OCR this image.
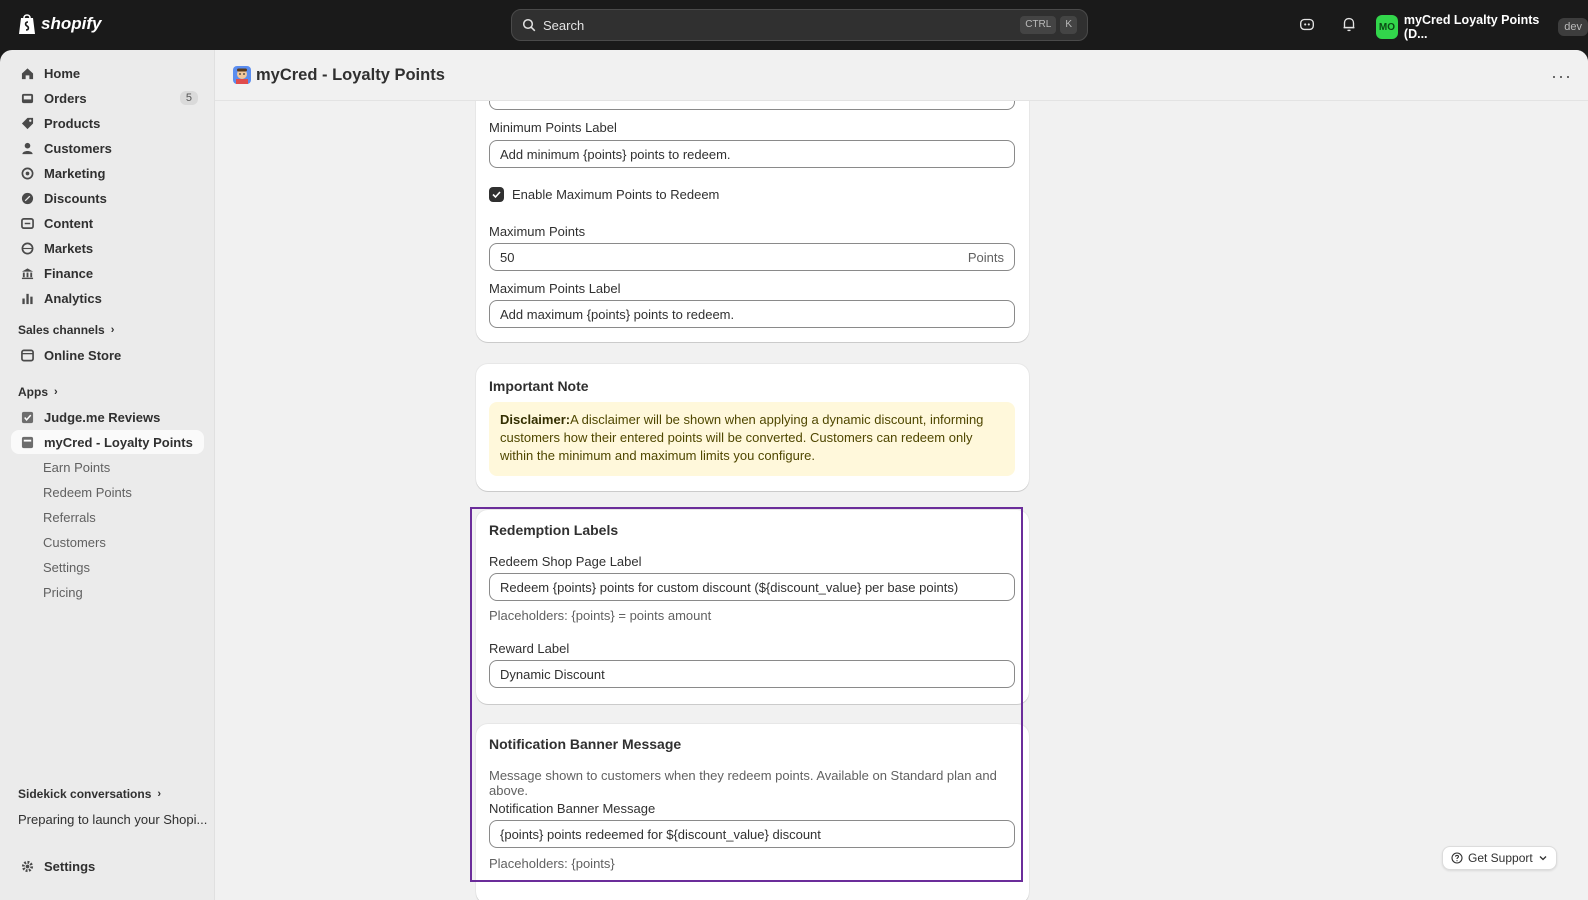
shopify	Search	CTRL	K	MO myCred Loyalty Points (D...	dev
Home
Orders	5
Products
Customers
Marketing
Discounts
Content
Markets
Finance
Analytics
Sales channels ›
Online Store
Apps ›
Judge.me Reviews
myCred - Loyalty Points
Earn Points
Redeem Points
Referrals
Customers
Settings
Pricing
Sidekick conversations ›
Preparing to launch your Shopi...
Settings
myCred - Loyalty Points	···
Minimum Points Label
Add minimum {points} points to redeem.
Enable Maximum Points to Redeem
Maximum Points
50	Points
Maximum Points Label
Add maximum {points} points to redeem.
Important Note
Disclaimer:A disclaimer will be shown when applying a dynamic discount, informing customers how their entered points will be converted. Customers can redeem only within the minimum and maximum limits you configure.
Redemption Labels
Redeem Shop Page Label
Redeem {points} points for custom discount (${discount_value} per base points)
Placeholders: {points} = points amount
Reward Label
Dynamic Discount
Notification Banner Message
Message shown to customers when they redeem points. Available on Standard plan and above.
Notification Banner Message
{points} points redeemed for ${discount_value} discount
Placeholders: {points}	Get Support
